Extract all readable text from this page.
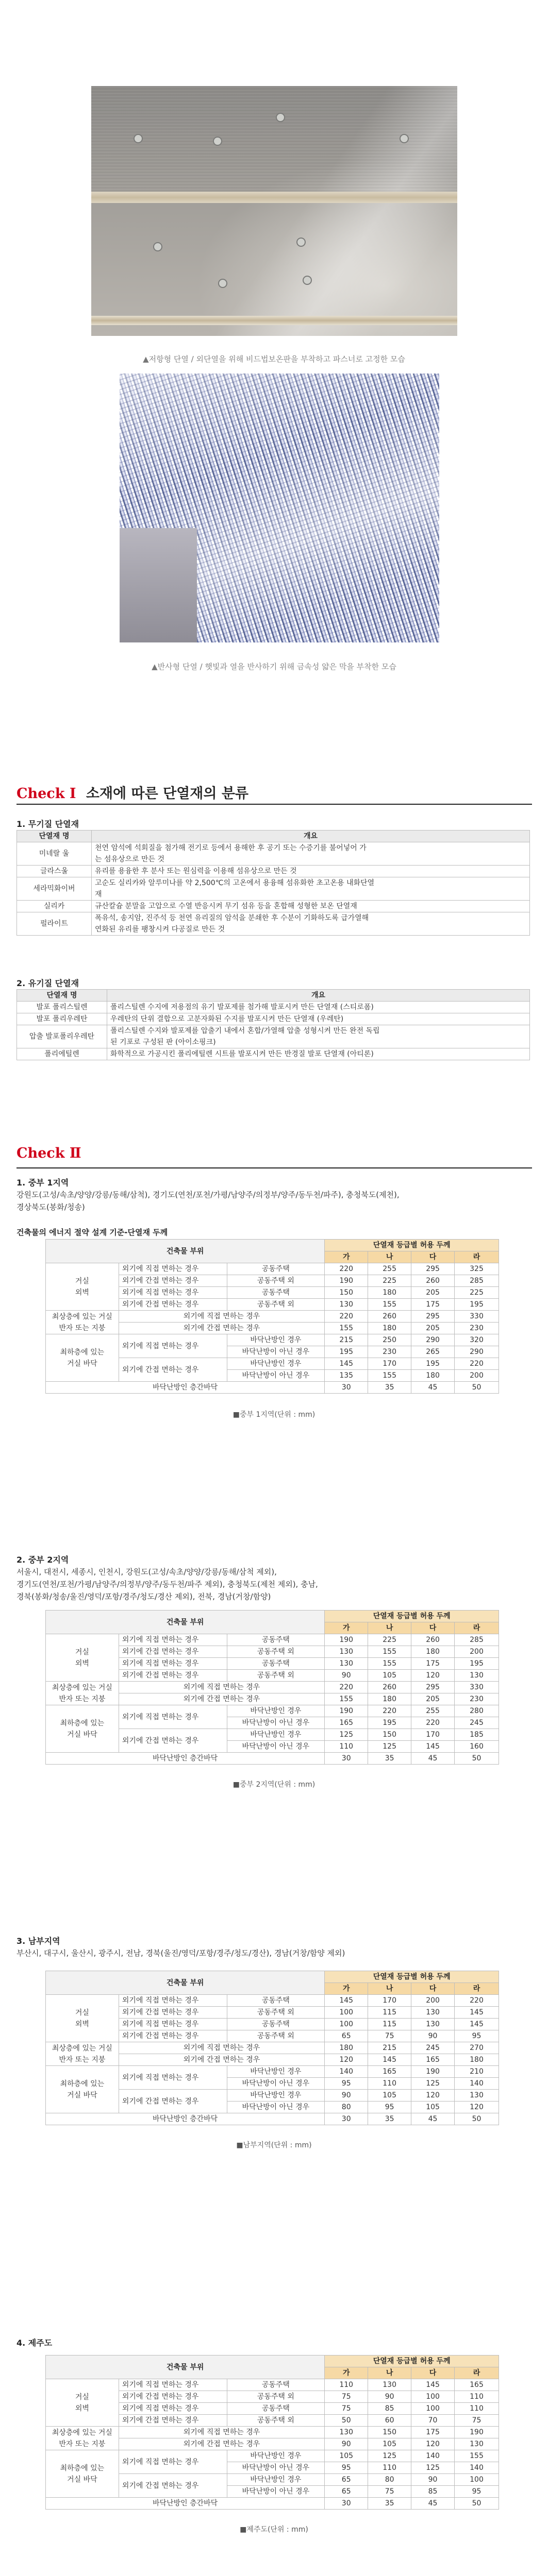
▲저항형 단열 / 외단열을 위해 비드법보온판을 부착하고 파스너로 고정한 모습
▲반사형 단열 / 햇빛과 열을 반사하기 위해 금속성 얇은 막을 부착한 모습
Check Ⅰ 소재에 따른 단열재의 분류
1. 무기질 단열재
단열재 명	개요
미네랄 울	천연 암석에 석회질을 첨가해 전기로 등에서 용해한 후 공기 또는 수증기를 불어넣어 가
는 섬유상으로 만든 것

글라스울	유리를 용융한 후 분사 또는 원심력을 이용해 섬유상으로 만든 것

세라믹화이버	고순도 실리카와 알루미나를 약 2,500℃의 고온에서 용융해 섬유화한 초고온용 내화단열
재

실리카	규산칼슘 분말을 고압으로 수열 반응시켜 무기 섬유 등을 혼합해 성형한 보온 단열재

펄라이트	폭유석, 송지암, 진주석 등 천연 유리질의 암석을 분쇄한 후 수분이 기화하도록 급가열해
연화된 유리를 팽창시켜 다공질로 만든 것
2. 유기질 단열재
단열재 명	개요
발포 폴리스틸렌	폴리스틸렌 수지에 저용점의 유기 발포제를 첨가해 발포시켜 만든 단열재 (스티로폼)

발포 폴리우레탄	우레탄의 단위 결합으로 고분자화된 수지를 발포시켜 만든 단열재 (우레탄)

압출 발포폴리우레탄	폴리스틸렌 수지와 발포제를 압출기 내에서 혼합/가열해 압출 성형시켜 만든 완전 독립
된 기포로 구성된 판 (아이소핑크)

폴리에틸렌	화학적으로 가공시킨 폴리에틸렌 시트를 발포시켜 만든 반경질 발포 단열재 (아티론)
Check Ⅱ
1. 중부 1지역
강원도(고성/속초/양양/강릉/동해/삼척), 경기도(연천/포천/가평/남양주/의정부/양주/동두천/파주), 충청북도(제천),
경상북도(봉화/청송)
건축물의 에너지 절약 설계 기준-단열재 두께
건축물 부위			단열재 등급별 허용 두께			
			가	나	다	라

거실
외벽	외기에 직접 면하는 경우	공동주택	220	255	295	325
	외기에 간접 면하는 경우	공동주택 외	190	225	260	285
	외기에 직접 면하는 경우	공동주택	150	180	205	225
	외기에 간접 면하는 경우	공동주택 외	130	155	175	195

최상층에 있는 거실
반자 또는 지붕	외기에 직접 면하는 경우		220	260	295	330
	외기에 간접 면하는 경우		155	180	205	230

최하층에 있는
거실 바닥	외기에 직접 면하는 경우	바닥난방인 경우	215	250	290	320
		바닥난방이 아닌 경우	195	230	265	290
	외기에 간접 면하는 경우	바닥난방인 경우	145	170	195	220
		바닥난방이 아닌 경우	135	155	180	200
바닥난방인 층간바닥			30	35	45	50
■중부 1지역(단위 : mm)
2. 중부 2지역
서울시, 대전시, 세종시, 인천시, 강원도(고성/속초/양양/강릉/동해/삼척 제외),
경기도(연천/포천/가평/남양주/의정부/양주/동두천/파주 제외), 충청북도(제천 제외), 충남,
경북(봉화/청송/울진/영덕/포항/경주/청도/경산 제외), 전북, 경남(거창/함양)
건축물 부위			단열재 등급별 허용 두께			
			가	나	다	라

거실
외벽	외기에 직접 면하는 경우	공동주택	190	225	260	285
	외기에 간접 면하는 경우	공동주택 외	130	155	180	200
	외기에 직접 면하는 경우	공동주택	130	155	175	195
	외기에 간접 면하는 경우	공동주택 외	90	105	120	130

최상층에 있는 거실
반자 또는 지붕	외기에 직접 면하는 경우		220	260	295	330
	외기에 간접 면하는 경우		155	180	205	230

최하층에 있는
거실 바닥	외기에 직접 면하는 경우	바닥난방인 경우	190	220	255	280
		바닥난방이 아닌 경우	165	195	220	245
	외기에 간접 면하는 경우	바닥난방인 경우	125	150	170	185
		바닥난방이 아닌 경우	110	125	145	160
바닥난방인 층간바닥			30	35	45	50
■중부 2지역(단위 : mm)
3. 남부지역
부산시, 대구시, 울산시, 광주시, 전남, 경북(울진/영덕/포항/경주/청도/경산), 경남(거창/함양 제외)
건축물 부위			단열재 등급별 허용 두께			
			가	나	다	라

거실
외벽	외기에 직접 면하는 경우	공동주택	145	170	200	220
	외기에 간접 면하는 경우	공동주택 외	100	115	130	145
	외기에 직접 면하는 경우	공동주택	100	115	130	145
	외기에 간접 면하는 경우	공동주택 외	65	75	90	95

최상층에 있는 거실
반자 또는 지붕	외기에 직접 면하는 경우		180	215	245	270
	외기에 간접 면하는 경우		120	145	165	180

최하층에 있는
거실 바닥	외기에 직접 면하는 경우	바닥난방인 경우	140	165	190	210
		바닥난방이 아닌 경우	95	110	125	140
	외기에 간접 면하는 경우	바닥난방인 경우	90	105	120	130
		바닥난방이 아닌 경우	80	95	105	120
바닥난방인 층간바닥			30	35	45	50
■남부지역(단위 : mm)
4. 제주도
건축물 부위			단열재 등급별 허용 두께			
			가	나	다	라

거실
외벽	외기에 직접 면하는 경우	공동주택	110	130	145	165
	외기에 간접 면하는 경우	공동주택 외	75	90	100	110
	외기에 직접 면하는 경우	공동주택	75	85	100	110
	외기에 간접 면하는 경우	공동주택 외	50	60	70	75

최상층에 있는 거실
반자 또는 지붕	외기에 직접 면하는 경우		130	150	175	190
	외기에 간접 면하는 경우		90	105	120	130

최하층에 있는
거실 바닥	외기에 직접 면하는 경우	바닥난방인 경우	105	125	140	155
		바닥난방이 아닌 경우	95	110	125	140
	외기에 간접 면하는 경우	바닥난방인 경우	65	80	90	100
		바닥난방이 아닌 경우	65	75	85	95
바닥난방인 층간바닥			30	35	45	50
■제주도(단위 : mm)
